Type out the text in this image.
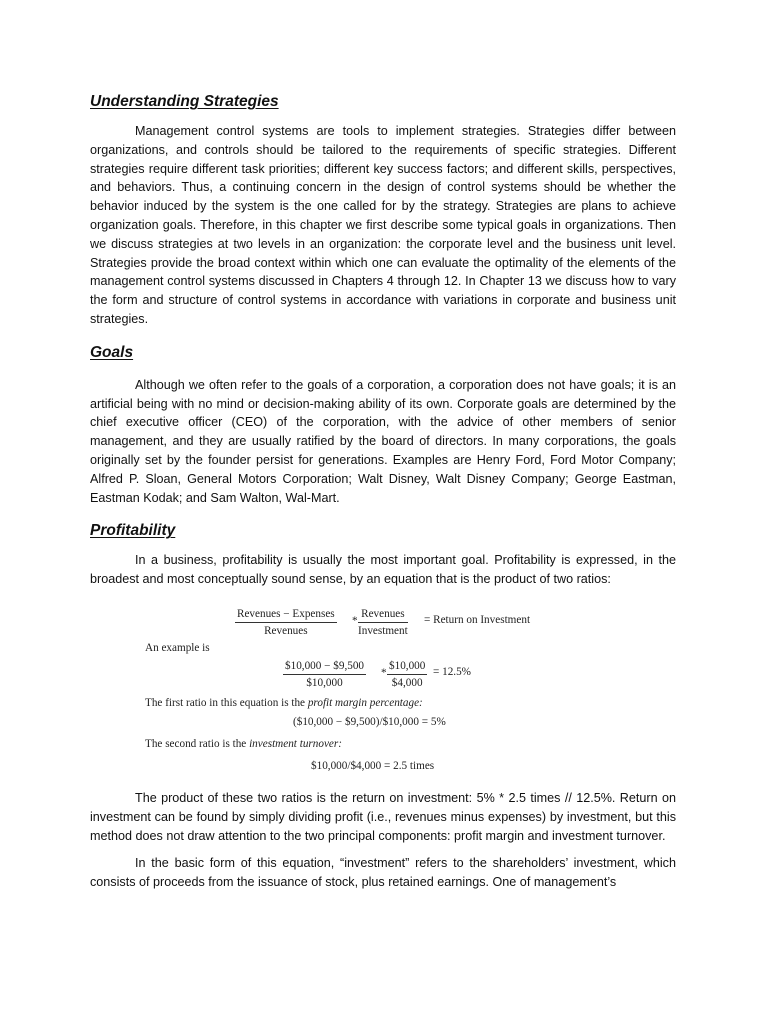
Understanding Strategies

Management control systems are tools to implement strategies. Strategies differ between organizations, and controls should be tailored to the requirements of specific strategies. Different strategies require different task priorities; different key success factors; and different skills, perspectives, and behaviors. Thus, a continuing concern in the design of control systems should be whether the behavior induced by the system is the one called for by the strategy. Strategies are plans to achieve organization goals. Therefore, in this chapter we first describe some typical goals in organizations. Then we discuss strategies at two levels in an organization: the corporate level and the business unit level. Strategies provide the broad context within which one can evaluate the optimality of the elements of the management control systems discussed in Chapters 4 through 12. In Chapter 13 we discuss how to vary the form and structure of control systems in accordance with variations in corporate and business unit strategies.

Goals

Although we often refer to the goals of a corporation, a corporation does not have goals; it is an artificial being with no mind or decision-making ability of its own. Corporate goals are determined by the chief executive officer (CEO) of the corporation, with the advice of other members of senior management, and they are usually ratified by the board of directors. In many corporations, the goals originally set by the founder persist for generations. Examples are Henry Ford, Ford Motor Company; Alfred P. Sloan, General Motors Corporation; Walt Disney, Walt Disney Company; George Eastman, Eastman Kodak; and Sam Walton, Wal-Mart.

Profitability

In a business, profitability is usually the most important goal. Profitability is expressed, in the broadest and most conceptually sound sense, by an equation that is the product of two ratios:

Revenues − Expenses
Revenues
*
Revenues
Investment
= Return on Investment
An example is
$\frac{\$10,000 - \$9,500}{\$10,000} * \frac{\$10,000}{\$4,000} = 12.5\%$
The first ratio in this equation is the profit margin percentage:
($10,000 − $9,500)/$10,000 = 5%
The second ratio is the investment turnover:
$10,000/$4,000 = 2.5 times

The product of these two ratios is the return on investment: 5% * 2.5 times // 12.5%. Return on investment can be found by simply dividing profit (i.e., revenues minus expenses) by investment, but this method does not draw attention to the two principal components: profit margin and investment turnover.

In the basic form of this equation, “investment” refers to the shareholders’ investment, which consists of proceeds from the issuance of stock, plus retained earnings. One of management’s
